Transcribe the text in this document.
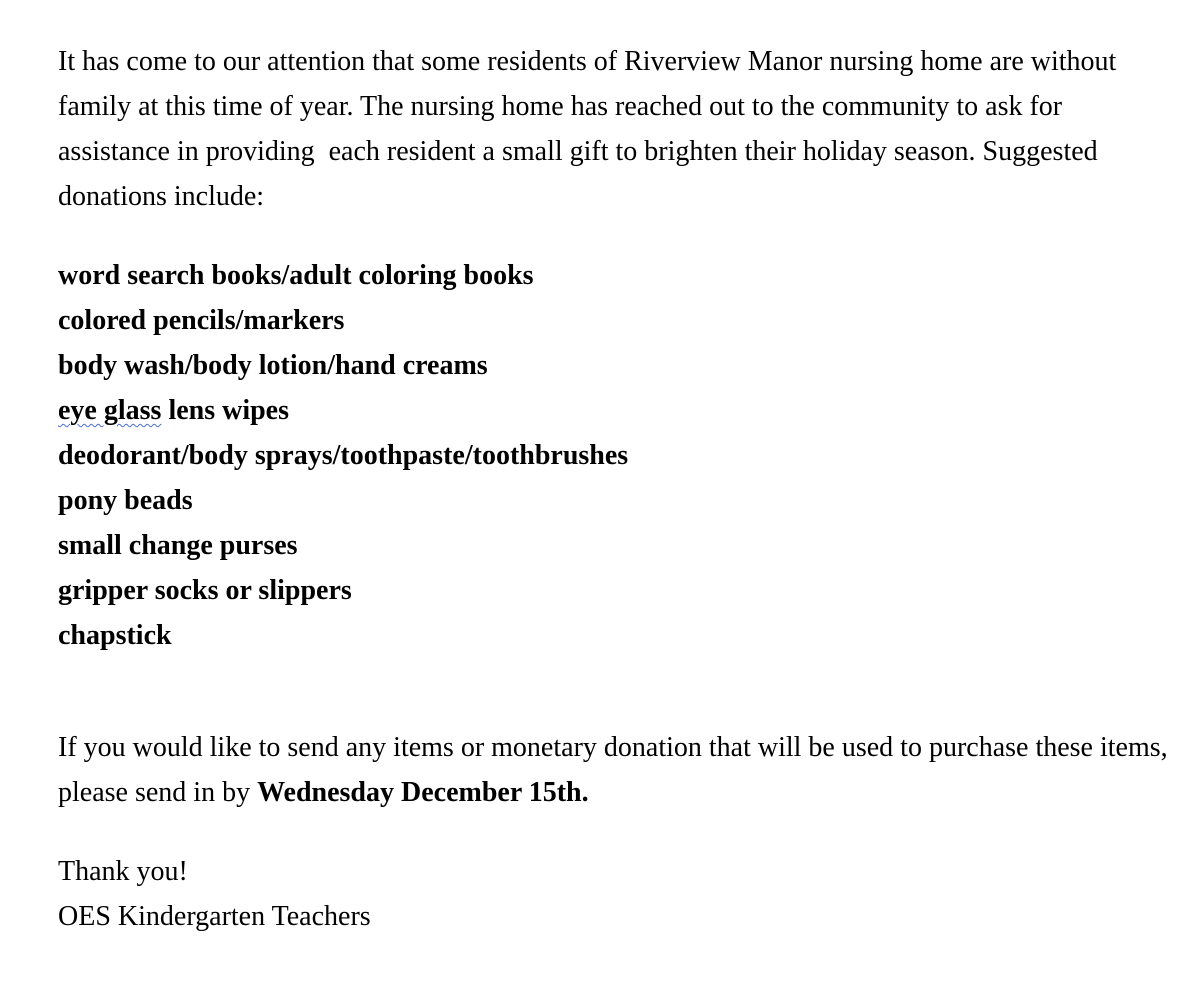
It has come to our attention that some residents of Riverview Manor nursing home are without family at this time of year. The nursing home has reached out to the community to ask for assistance in providing  each resident a small gift to brighten their holiday season. Suggested donations include:

word search books/adult coloring books
colored pencils/markers
body wash/body lotion/hand creams
eye glass lens wipes
deodorant/body sprays/toothpaste/toothbrushes
pony beads
small change purses
gripper socks or slippers
chapstick

If you would like to send any items or monetary donation that will be used to purchase these items, please send in by Wednesday December 15th.

Thank you!
OES Kindergarten Teachers
